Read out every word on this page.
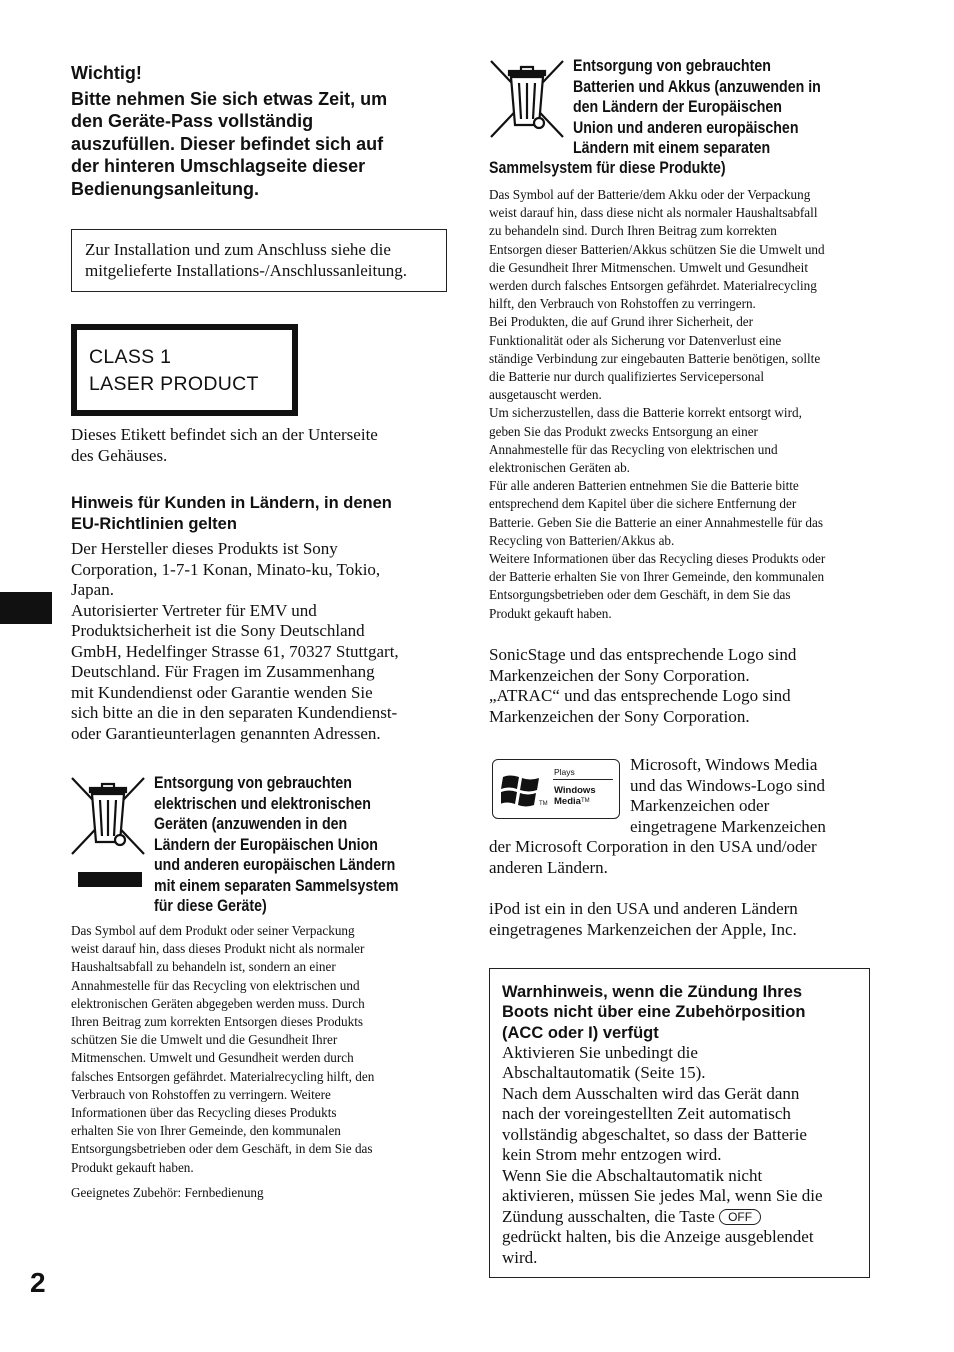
Wichtig!
Bitte nehmen Sie sich etwas Zeit, um
den Geräte-Pass vollständig
auszufüllen. Dieser befindet sich auf
der hinteren Umschlagseite dieser
Bedienungsanleitung.
Zur Installation und zum Anschluss siehe die
mitgelieferte Installations-/Anschlussanleitung.
CLASS 1
LASER PRODUCT
Dieses Etikett befindet sich an der Unterseite
des Gehäuses.
Hinweis für Kunden in Ländern, in denen
EU-Richtlinien gelten
Der Hersteller dieses Produkts ist Sony
Corporation, 1-7-1 Konan, Minato-ku, Tokio,
Japan.
Autorisierter Vertreter für EMV und
Produktsicherheit ist die Sony Deutschland
GmbH, Hedelfinger Strasse 61, 70327 Stuttgart,
Deutschland. Für Fragen im Zusammenhang
mit Kundendienst oder Garantie wenden Sie
sich bitte an die in den separaten Kundendienst-
oder Garantieunterlagen genannten Adressen.
Entsorgung von gebrauchten
elektrischen und elektronischen
Geräten (anzuwenden in den
Ländern der Europäischen Union
und anderen europäischen Ländern
mit einem separaten Sammelsystem
für diese Geräte)
Das Symbol auf dem Produkt oder seiner Verpackung
weist darauf hin, dass dieses Produkt nicht als normaler
Haushaltsabfall zu behandeln ist, sondern an einer
Annahmestelle für das Recycling von elektrischen und
elektronischen Geräten abgegeben werden muss. Durch
Ihren Beitrag zum korrekten Entsorgen dieses Produkts
schützen Sie die Umwelt und die Gesundheit Ihrer
Mitmenschen. Umwelt und Gesundheit werden durch
falsches Entsorgen gefährdet. Materialrecycling hilft, den
Verbrauch von Rohstoffen zu verringern. Weitere
Informationen über das Recycling dieses Produkts
erhalten Sie von Ihrer Gemeinde, den kommunalen
Entsorgungsbetrieben oder dem Geschäft, in dem Sie das
Produkt gekauft haben.
Geeignetes Zubehör: Fernbedienung
2
Entsorgung von gebrauchten
Batterien und Akkus (anzuwenden in
den Ländern der Europäischen
Union und anderen europäischen
Ländern mit einem separaten
Sammelsystem für diese Produkte)
Das Symbol auf der Batterie/dem Akku oder der Verpackung
weist darauf hin, dass diese nicht als normaler Haushaltsabfall
zu behandeln sind. Durch Ihren Beitrag zum korrekten
Entsorgen dieser Batterien/Akkus schützen Sie die Umwelt und
die Gesundheit Ihrer Mitmenschen. Umwelt und Gesundheit
werden durch falsches Entsorgen gefährdet. Materialrecycling
hilft, den Verbrauch von Rohstoffen zu verringern.
Bei Produkten, die auf Grund ihrer Sicherheit, der
Funktionalität oder als Sicherung vor Datenverlust eine
ständige Verbindung zur eingebauten Batterie benötigen, sollte
die Batterie nur durch qualifiziertes Servicepersonal
ausgetauscht werden.
Um sicherzustellen, dass die Batterie korrekt entsorgt wird,
geben Sie das Produkt zwecks Entsorgung an einer
Annahmestelle für das Recycling von elektrischen und
elektronischen Geräten ab.
Für alle anderen Batterien entnehmen Sie die Batterie bitte
entsprechend dem Kapitel über die sichere Entfernung der
Batterie. Geben Sie die Batterie an einer Annahmestelle für das
Recycling von Batterien/Akkus ab.
Weitere Informationen über das Recycling dieses Produkts oder
der Batterie erhalten Sie von Ihrer Gemeinde, den kommunalen
Entsorgungsbetrieben oder dem Geschäft, in dem Sie das
Produkt gekauft haben.
SonicStage und das entsprechende Logo sind
Markenzeichen der Sony Corporation.
„ATRAC“ und das entsprechende Logo sind
Markenzeichen der Sony Corporation.
Plays
Windows
Media™
TM
Microsoft, Windows Media
und das Windows-Logo sind
Markenzeichen oder
eingetragene Markenzeichen
der Microsoft Corporation in den USA und/oder
anderen Ländern.
iPod ist ein in den USA und anderen Ländern
eingetragenes Markenzeichen der Apple, Inc.
Warnhinweis, wenn die Zündung Ihres
Boots nicht über eine Zubehörposition
(ACC oder I) verfügt
Aktivieren Sie unbedingt die
Abschaltautomatik (Seite 15).
Nach dem Ausschalten wird das Gerät dann
nach der voreingestellten Zeit automatisch
vollständig abgeschaltet, so dass der Batterie
kein Strom mehr entzogen wird.
Wenn Sie die Abschaltautomatik nicht
aktivieren, müssen Sie jedes Mal, wenn Sie die
Zündung ausschalten, die Taste OFF
gedrückt halten, bis die Anzeige ausgeblendet
wird.
